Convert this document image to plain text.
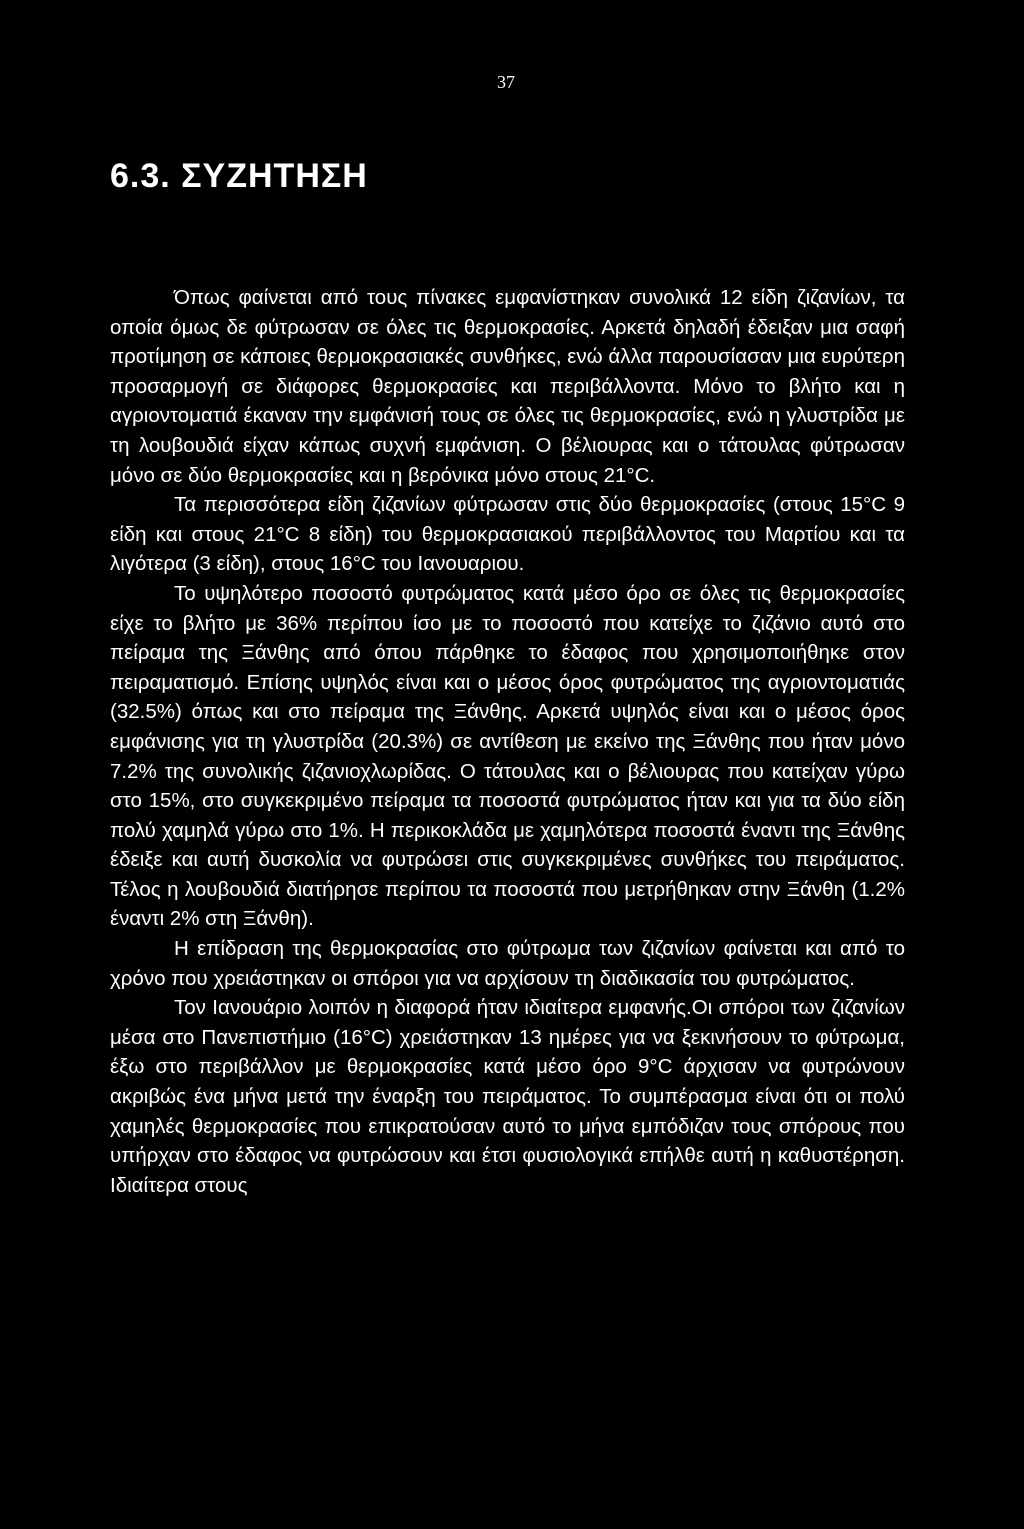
37
6.3. ΣΥΖΗΤΗΣΗ

Όπως φαίνεται από τους πίνακες εμφανίστηκαν συνολικά 12 είδη ζιζανίων, τα οποία όμως δε φύτρωσαν σε όλες τις θερμοκρασίες. Αρκετά δηλαδή έδειξαν μια σαφή προτίμηση σε κάποιες θερμοκρασιακές συνθήκες, ενώ άλλα παρουσίασαν μια ευρύτερη προσαρμογή σε διάφορες θερμοκρασίες και περιβάλλοντα. Μόνο το βλήτο και η αγριοντοματιά έκαναν την εμφάνισή τους σε όλες τις θερμοκρασίες, ενώ η γλυστρίδα με τη λουβουδιά είχαν κάπως συχνή εμφάνιση. Ο βέλιουρας και ο τάτουλας φύτρωσαν μόνο σε δύο θερμοκρασίες και η βερόνικα μόνο στους 21°C.

Τα περισσότερα είδη ζιζανίων φύτρωσαν στις δύο θερμοκρασίες (στους 15°C 9 είδη και στους 21°C 8 είδη) του θερμοκρασιακού περιβάλλοντος του Μαρτίου και τα λιγότερα (3 είδη), στους 16°C του Ιανουαριου.

Το υψηλότερο ποσοστό φυτρώματος κατά μέσο όρο σε όλες τις θερμοκρασίες είχε το βλήτο με 36% περίπου ίσο με το ποσοστό που κατείχε το ζιζάνιο αυτό στο πείραμα της Ξάνθης από όπου πάρθηκε το έδαφος που χρησιμοποιήθηκε στον πειραματισμό. Επίσης υψηλός είναι και ο μέσος όρος φυτρώματος της αγριοντοματιάς (32.5%) όπως και στο πείραμα της Ξάνθης. Αρκετά υψηλός είναι και ο μέσος όρος εμφάνισης για τη γλυστρίδα (20.3%) σε αντίθεση με εκείνο της Ξάνθης που ήταν μόνο 7.2% της συνολικής ζιζανιοχλωρίδας. Ο τάτουλας και ο βέλιουρας που κατείχαν γύρω στο 15%, στο συγκεκριμένο πείραμα τα ποσοστά φυτρώματος ήταν και για τα δύο είδη πολύ χαμηλά γύρω στο 1%. Η περικοκλάδα με χαμηλότερα ποσοστά έναντι της Ξάνθης έδειξε και αυτή δυσκολία να φυτρώσει στις συγκεκριμένες συνθήκες του πειράματος. Τέλος η λουβουδιά διατήρησε περίπου τα ποσοστά που μετρήθηκαν στην Ξάνθη (1.2% έναντι 2% στη Ξάνθη).

Η επίδραση της θερμοκρασίας στο φύτρωμα των ζιζανίων φαίνεται και από το χρόνο που χρειάστηκαν οι σπόροι για να αρχίσουν τη διαδικασία του φυτρώματος.

Τον Ιανουάριο λοιπόν η διαφορά ήταν ιδιαίτερα εμφανής.Οι σπόροι των ζιζανίων μέσα στο Πανεπιστήμιο (16°C) χρειάστηκαν 13 ημέρες για να ξεκινήσουν το φύτρωμα, έξω στο περιβάλλον με θερμοκρασίες κατά μέσο όρο 9°C άρχισαν να φυτρώνουν ακριβώς ένα μήνα μετά την έναρξη του πειράματος. Το συμπέρασμα είναι ότι οι πολύ χαμηλές θερμοκρασίες που επικρατούσαν αυτό το μήνα εμπόδιζαν τους σπόρους που υπήρχαν στο έδαφος να φυτρώσουν και έτσι φυσιολογικά επήλθε αυτή η καθυστέρηση. Ιδιαίτερα στους
